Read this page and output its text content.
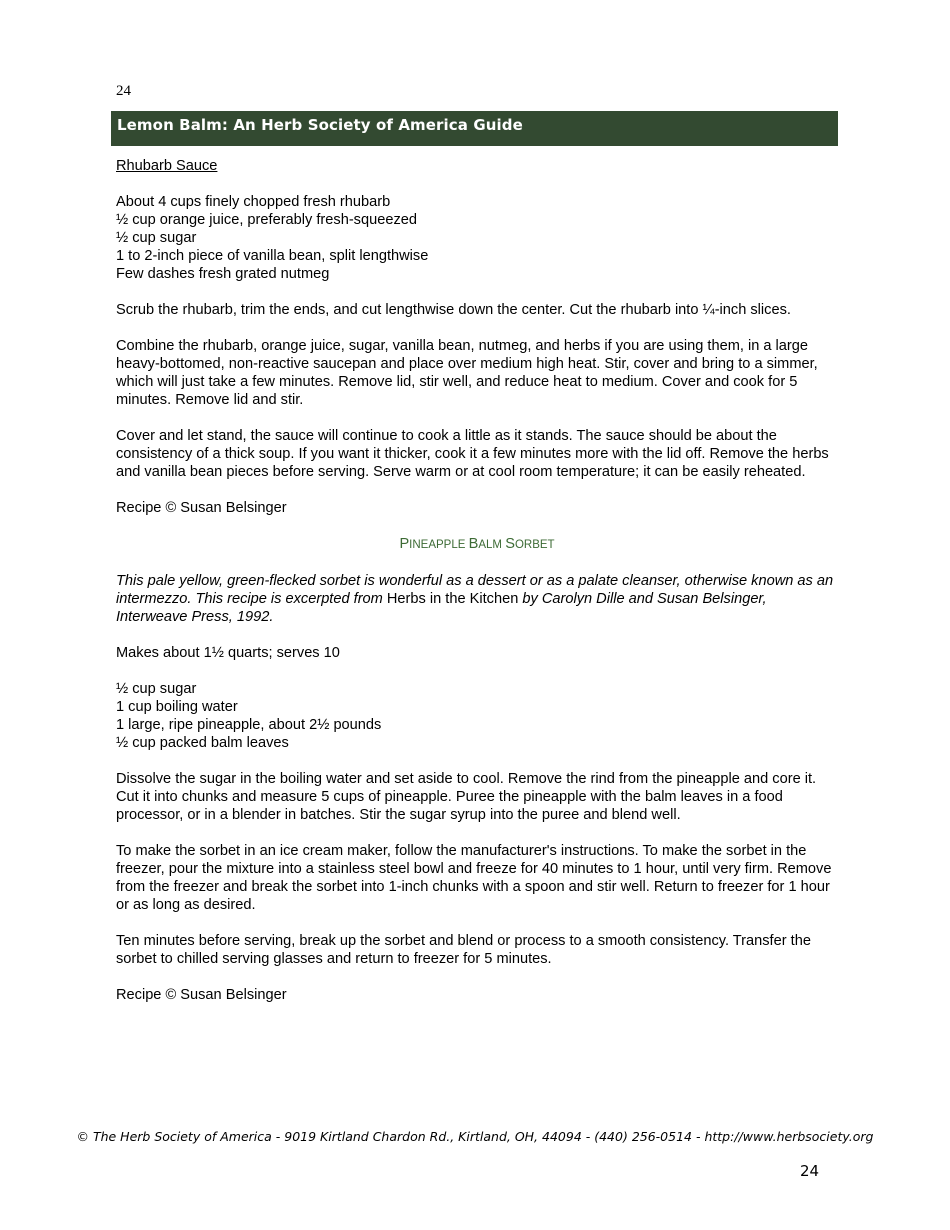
24
Lemon Balm: An Herb Society of America Guide

Rhubarb Sauce

About 4 cups finely chopped fresh rhubarb
½ cup orange juice, preferably fresh-squeezed
½ cup sugar
1 to 2-inch piece of vanilla bean, split lengthwise
Few dashes fresh grated nutmeg

Scrub the rhubarb, trim the ends, and cut lengthwise down the center. Cut the rhubarb into ¼-inch slices.

Combine the rhubarb, orange juice, sugar, vanilla bean, nutmeg, and herbs if you are using them, in a large heavy-bottomed, non-reactive saucepan and place over medium high heat. Stir, cover and bring to a simmer, which will just take a few minutes. Remove lid, stir well, and reduce heat to medium. Cover and cook for 5 minutes. Remove lid and stir.

Cover and let stand, the sauce will continue to cook a little as it stands. The sauce should be about the consistency of a thick soup. If you want it thicker, cook it a few minutes more with the lid off. Remove the herbs and vanilla bean pieces before serving. Serve warm or at cool room temperature; it can be easily reheated.

Recipe © Susan Belsinger

PINEAPPLE BALM SORBET

This pale yellow, green-flecked sorbet is wonderful as a dessert or as a palate cleanser, otherwise known as an intermezzo. This recipe is excerpted from Herbs in the Kitchen by Carolyn Dille and Susan Belsinger, Interweave Press, 1992.

Makes about 1½ quarts; serves 10

½ cup sugar
1 cup boiling water
1 large, ripe pineapple, about 2½ pounds
½ cup packed balm leaves

Dissolve the sugar in the boiling water and set aside to cool. Remove the rind from the pineapple and core it. Cut it into chunks and measure 5 cups of pineapple. Puree the pineapple with the balm leaves in a food processor, or in a blender in batches. Stir the sugar syrup into the puree and blend well.

To make the sorbet in an ice cream maker, follow the manufacturer's instructions. To make the sorbet in the freezer, pour the mixture into a stainless steel bowl and freeze for 40 minutes to 1 hour, until very firm. Remove from the freezer and break the sorbet into 1-inch chunks with a spoon and stir well. Return to freezer for 1 hour or as long as desired.

Ten minutes before serving, break up the sorbet and blend or process to a smooth consistency. Transfer the sorbet to chilled serving glasses and return to freezer for 5 minutes.

Recipe © Susan Belsinger

© The Herb Society of America - 9019 Kirtland Chardon Rd., Kirtland, OH, 44094 - (440) 256-0514 - http://www.herbsociety.org
24
